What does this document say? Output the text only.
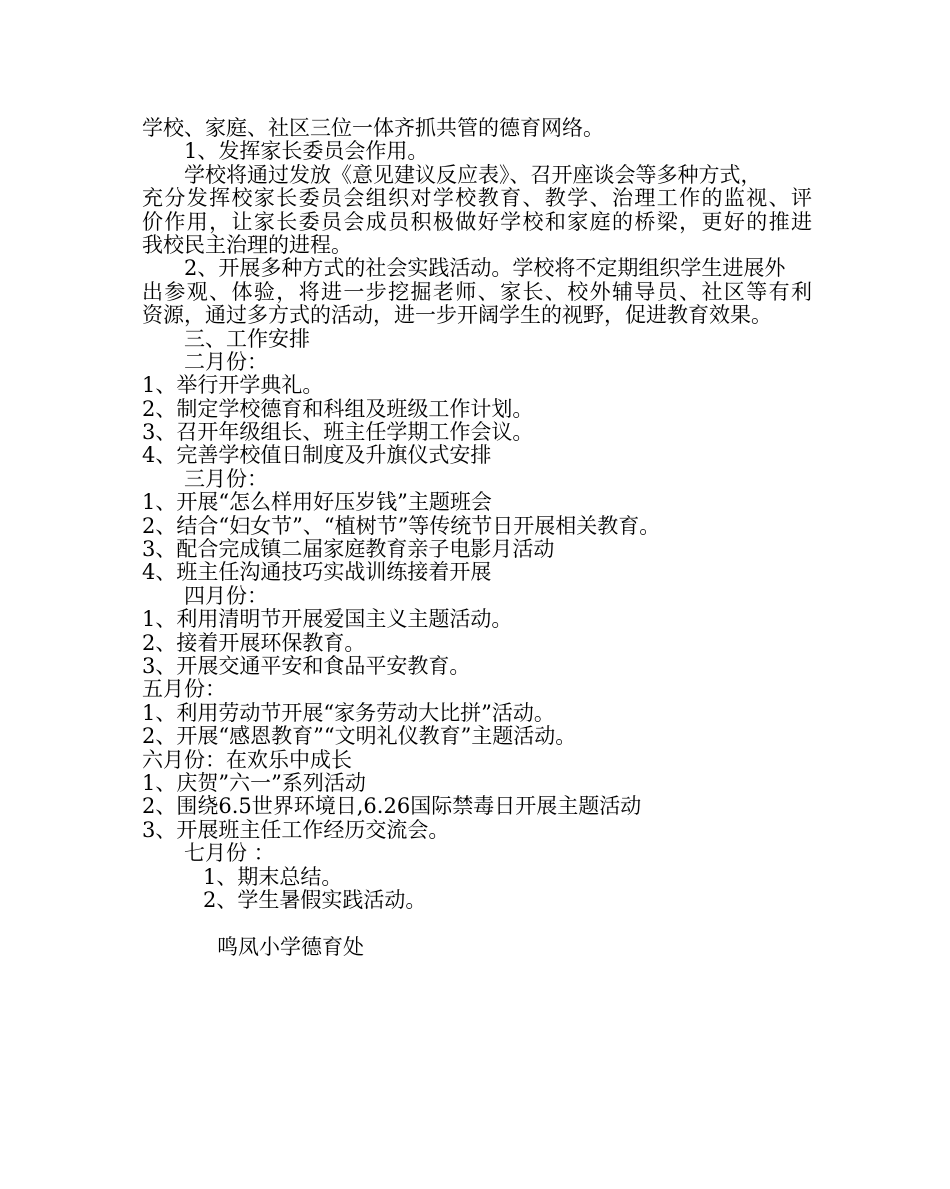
学校、家庭、社区三位一体齐抓共管的德育网络。
1、发挥家长委员会作用。
学校将通过发放《意见建议反应表》、召开座谈会等多种方式，
充分发挥校家长委员会组织对学校教育、教学、治理工作的监视、评
价作用，让家长委员会成员积极做好学校和家庭的桥梁，更好的推进
我校民主治理的进程。
2、开展多种方式的社会实践活动。学校将不定期组织学生进展外
出参观、体验，将进一步挖掘老师、家长、校外辅导员、社区等有利
资源，通过多方式的活动，进一步开阔学生的视野，促进教育效果。
三、工作安排
二月份：
1、举行开学典礼。
2、制定学校德育和科组及班级工作计划。
3、召开年级组长、班主任学期工作会议。
4、完善学校值日制度及升旗仪式安排
三月份：
1、开展“怎么样用好压岁钱”主题班会
2、结合“妇女节”、“植树节”等传统节日开展相关教育。
3、配合完成镇二届家庭教育亲子电影月活动
4、班主任沟通技巧实战训练接着开展
四月份：
1、利用清明节开展爱国主义主题活动。
2、接着开展环保教育。
3、开展交通平安和食品平安教育。
五月份：
1、利用劳动节开展“家务劳动大比拼”活动。
2、开展“感恩教育”“文明礼仪教育”主题活动。
六月份：在欢乐中成长
1、庆贺”六一”系列活动
2、围绕6.5世界环境日,6.26国际禁毒日开展主题活动
3、开展班主任工作经历交流会。
七月份 ：
1、期末总结。
2、学生暑假实践活动。
鸣凤小学德育处
